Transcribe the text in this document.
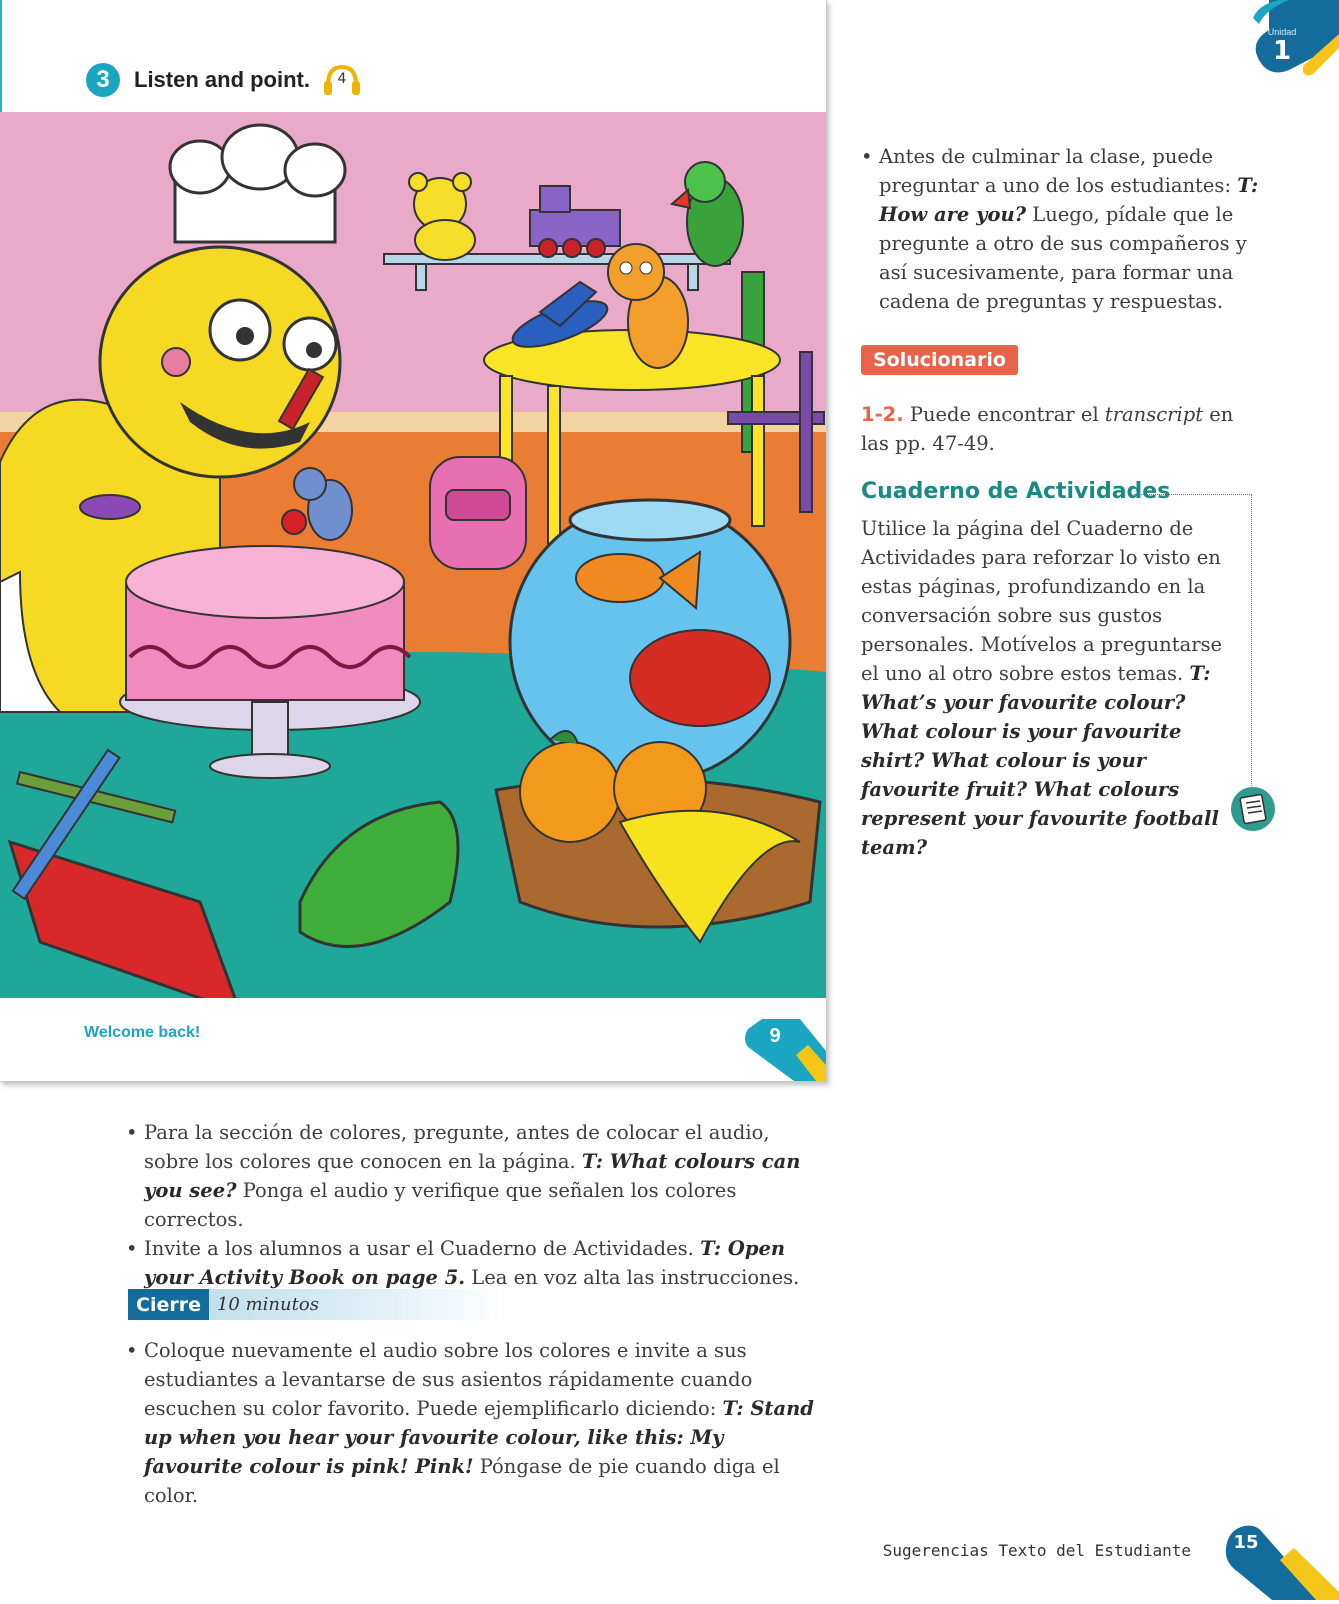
3	Listen and point.	4
Welcome back!	9
Unidad
1
• Antes de culminar la clase, puede preguntar a uno de los estudiantes: T: How are you? Luego, pídale que le pregunte a otro de sus compañeros y así sucesivamente, para formar una cadena de preguntas y respuestas.
Solucionario
1-2. Puede encontrar el transcript en las pp. 47-49.
Cuaderno de Actividades
Utilice la página del Cuaderno de Actividades para reforzar lo visto en estas páginas, profundizando en la conversación sobre sus gustos personales. Motívelos a preguntarse el uno al otro sobre estos temas. T: What’s your favourite colour? What colour is your favourite shirt? What colour is your favourite fruit? What colours represent your favourite football team?
• Para la sección de colores, pregunte, antes de colocar el audio, sobre los colores que conocen en la página. T: What colours can you see? Ponga el audio y verifique que señalen los colores correctos.
• Invite a los alumnos a usar el Cuaderno de Actividades. T: Open your Activity Book on page 5. Lea en voz alta las instrucciones.
Cierre 10 minutos
• Coloque nuevamente el audio sobre los colores e invite a sus estudiantes a levantarse de sus asientos rápidamente cuando escuchen su color favorito. Puede ejemplificarlo diciendo: T: Stand up when you hear your favourite colour, like this: My favourite colour is pink! Pink! Póngase de pie cuando diga el color.
Sugerencias Texto del Estudiante	15
